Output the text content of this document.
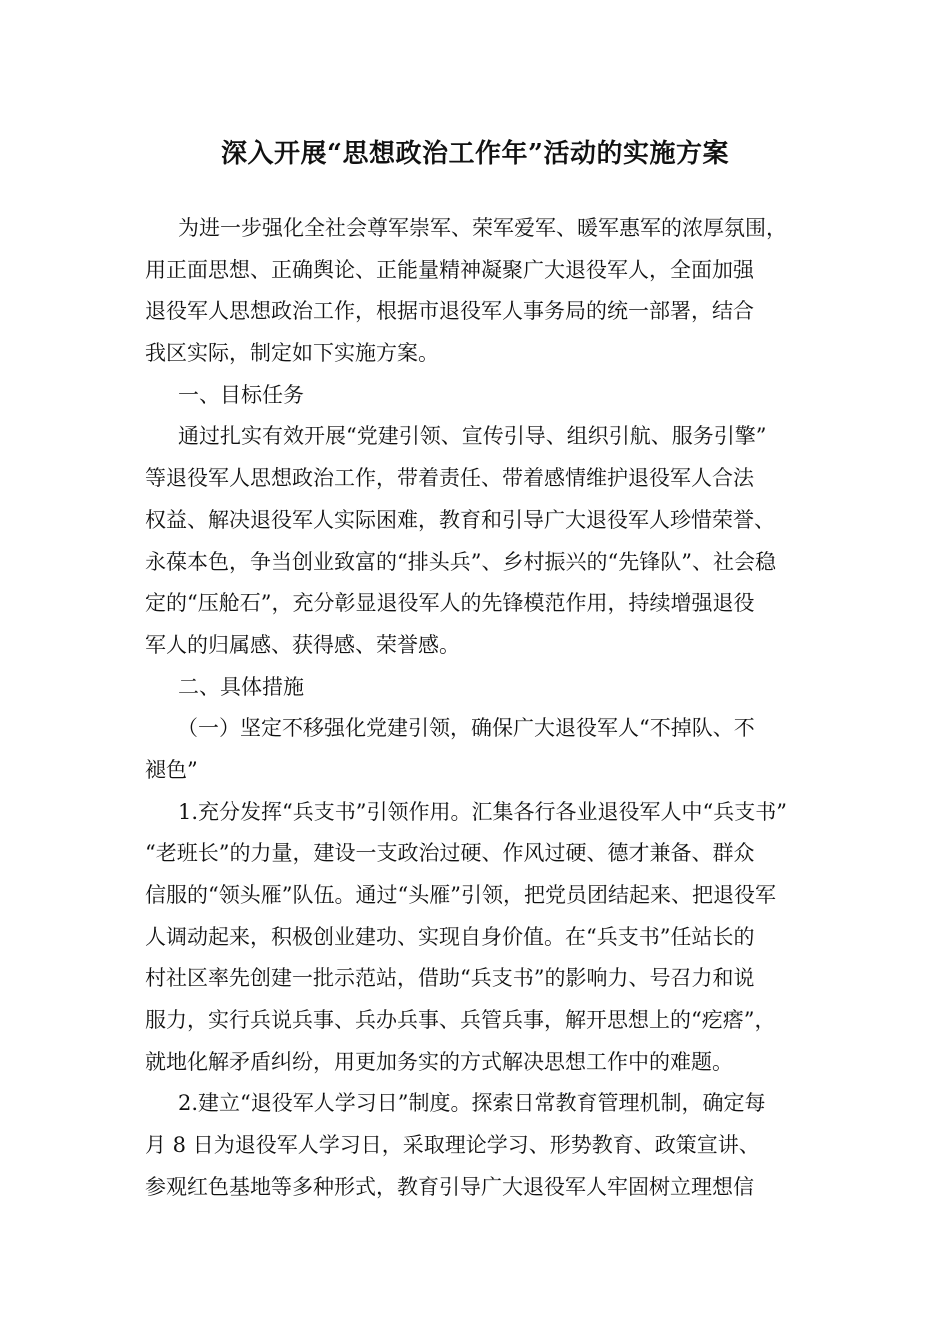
深入开展“思想政治工作年”活动的实施方案
为进一步强化全社会尊军崇军、荣军爱军、暖军惠军的浓厚氛围，
用正面思想、正确舆论、正能量精神凝聚广大退役军人，全面加强
退役军人思想政治工作，根据市退役军人事务局的统一部署，结合
我区实际，制定如下实施方案。
一、目标任务
通过扎实有效开展“党建引领、宣传引导、组织引航、服务引擎”
等退役军人思想政治工作，带着责任、带着感情维护退役军人合法
权益、解决退役军人实际困难，教育和引导广大退役军人珍惜荣誉、
永葆本色，争当创业致富的“排头兵”、乡村振兴的“先锋队”、社会稳
定的“压舱石”，充分彰显退役军人的先锋模范作用，持续增强退役
军人的归属感、获得感、荣誉感。
二、具体措施
（一）坚定不移强化党建引领，确保广大退役军人“不掉队、不
褪色”
1.充分发挥“兵支书”引领作用。汇集各行各业退役军人中“兵支书”
“老班长”的力量，建设一支政治过硬、作风过硬、德才兼备、群众
信服的“领头雁”队伍。通过“头雁”引领，把党员团结起来、把退役军
人调动起来，积极创业建功、实现自身价值。在“兵支书”任站长的
村社区率先创建一批示范站，借助“兵支书”的影响力、号召力和说
服力，实行兵说兵事、兵办兵事、兵管兵事，解开思想上的“疙瘩”，
就地化解矛盾纠纷，用更加务实的方式解决思想工作中的难题。
2.建立“退役军人学习日”制度。探索日常教育管理机制，确定每
月 8 日为退役军人学习日，采取理论学习、形势教育、政策宣讲、
参观红色基地等多种形式，教育引导广大退役军人牢固树立理想信
